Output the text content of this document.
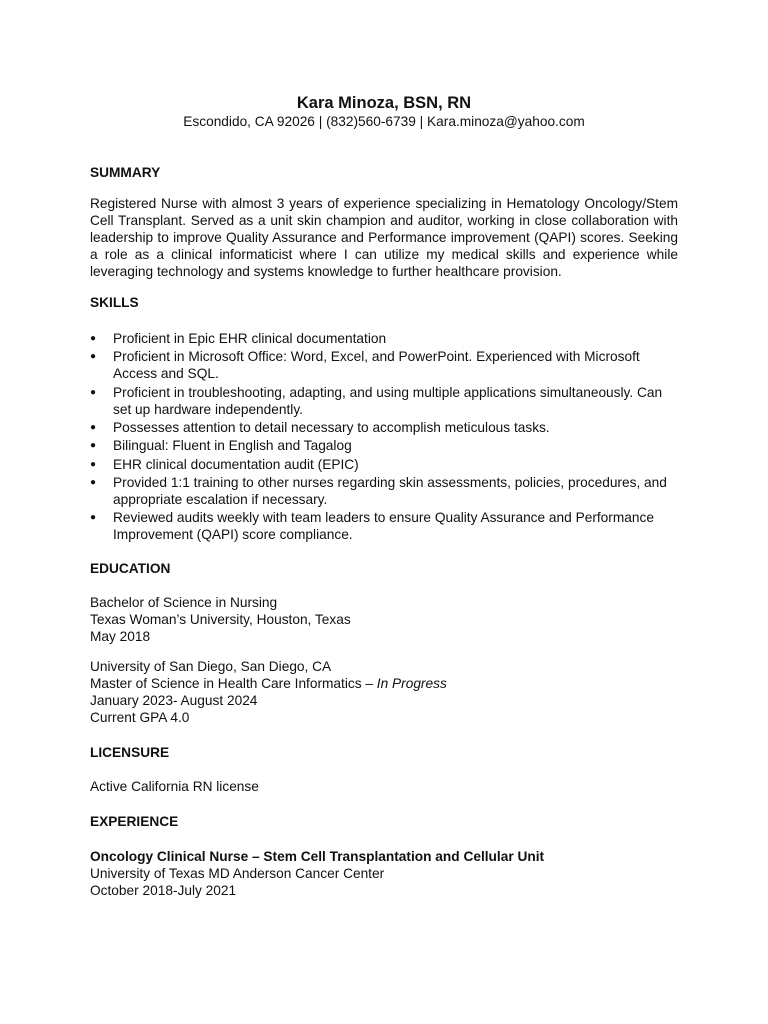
Kara Minoza, BSN, RN
Escondido, CA 92026 | (832)560-6739 | Kara.minoza@yahoo.com
SUMMARY
Registered Nurse with almost 3 years of experience specializing in Hematology Oncology/Stem Cell Transplant. Served as a unit skin champion and auditor, working in close collaboration with leadership to improve Quality Assurance and Performance improvement (QAPI) scores. Seeking a role as a clinical informaticist where I can utilize my medical skills and experience while leveraging technology and systems knowledge to further healthcare provision.
SKILLS
● Proficient in Epic EHR clinical documentation
● Proficient in Microsoft Office: Word, Excel, and PowerPoint. Experienced with Microsoft Access and SQL.
● Proficient in troubleshooting, adapting, and using multiple applications simultaneously. Can set up hardware independently.
● Possesses attention to detail necessary to accomplish meticulous tasks.
● Bilingual: Fluent in English and Tagalog
● EHR clinical documentation audit (EPIC)
● Provided 1:1 training to other nurses regarding skin assessments, policies, procedures, and appropriate escalation if necessary.
● Reviewed audits weekly with team leaders to ensure Quality Assurance and Performance Improvement (QAPI) score compliance.
EDUCATION
Bachelor of Science in Nursing
Texas Woman’s University, Houston, Texas
May 2018
University of San Diego, San Diego, CA
Master of Science in Health Care Informatics – In Progress
January 2023- August 2024
Current GPA 4.0
LICENSURE
Active California RN license
EXPERIENCE
Oncology Clinical Nurse – Stem Cell Transplantation and Cellular Unit
University of Texas MD Anderson Cancer Center
October 2018-July 2021
